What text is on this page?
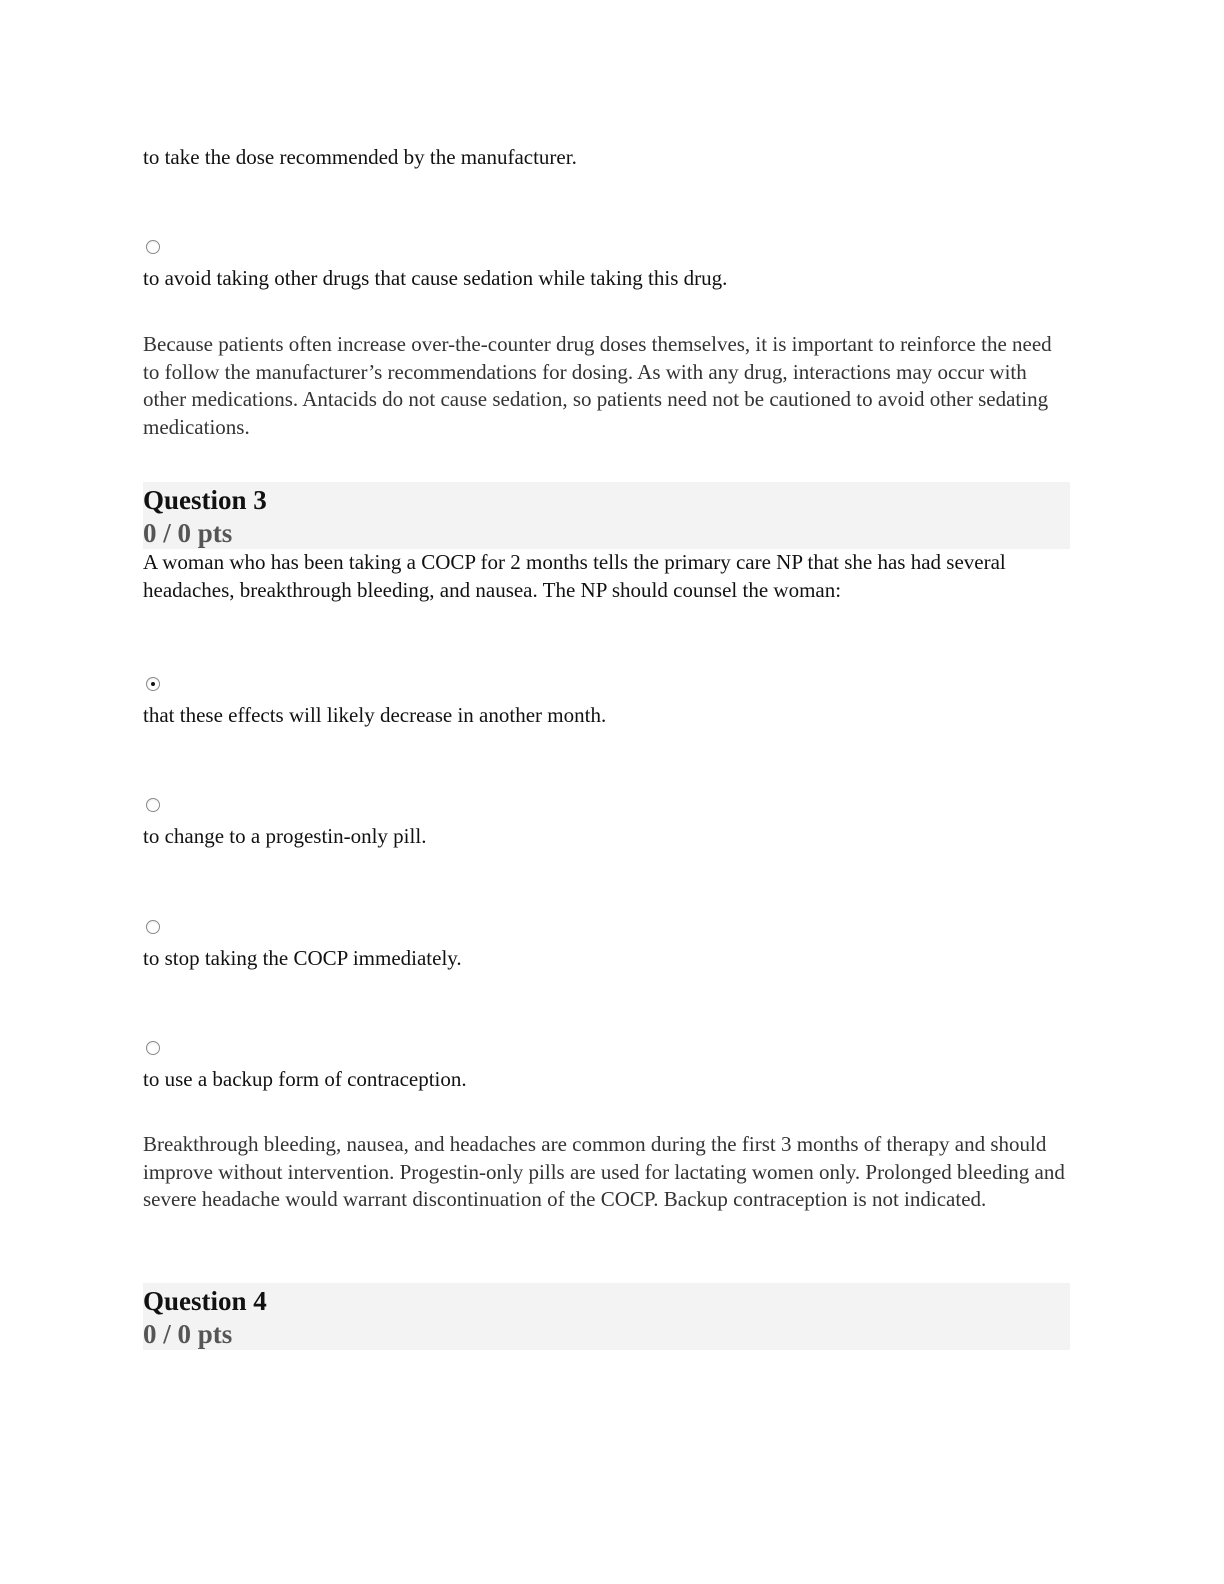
to take the dose recommended by the manufacturer.

to avoid taking other drugs that cause sedation while taking this drug.

Because patients often increase over-the-counter drug doses themselves, it is important to reinforce the need to follow the manufacturer’s recommendations for dosing. As with any drug, interactions may occur with other medications. Antacids do not cause sedation, so patients need not be cautioned to avoid other sedating medications.

Question 3
0 / 0 pts

A woman who has been taking a COCP for 2 months tells the primary care NP that she has had several headaches, breakthrough bleeding, and nausea. The NP should counsel the woman:

that these effects will likely decrease in another month.

to change to a progestin-only pill.

to stop taking the COCP immediately.

to use a backup form of contraception.

Breakthrough bleeding, nausea, and headaches are common during the first 3 months of therapy and should improve without intervention. Progestin-only pills are used for lactating women only. Prolonged bleeding and severe headache would warrant discontinuation of the COCP. Backup contraception is not indicated.

Question 4
0 / 0 pts
